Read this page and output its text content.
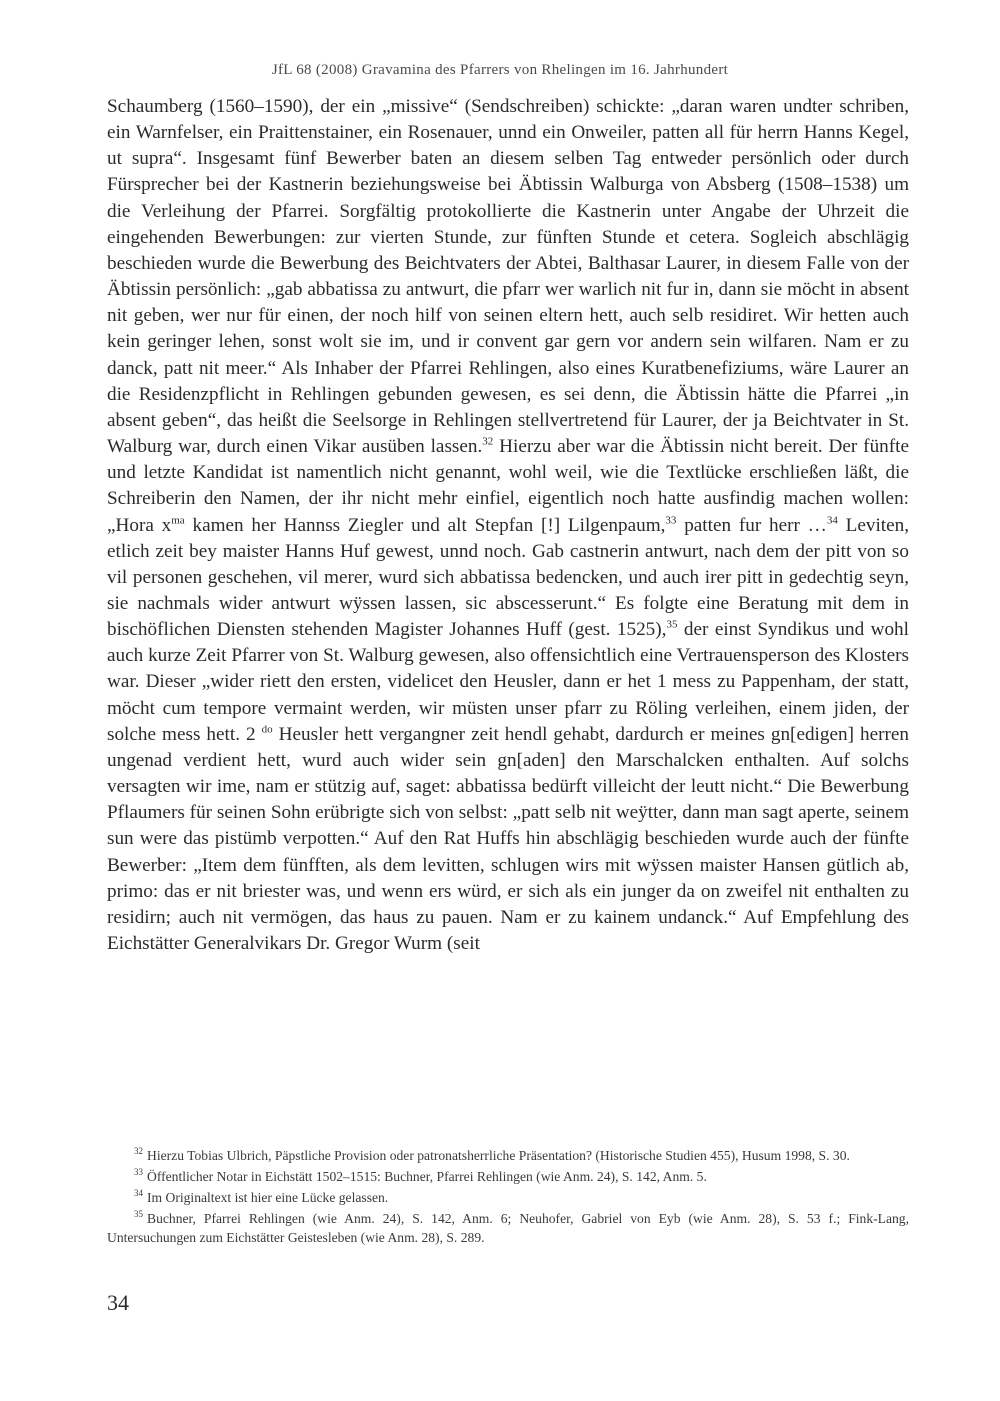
JfL 68 (2008) Gravamina des Pfarrers von Rhelingen im 16. Jahrhundert

Schaumberg (1560–1590), der ein „missive“ (Sendschreiben) schickte: „daran waren undter schriben, ein Warnfelser, ein Praittenstainer, ein Rosenauer, unnd ein Onweiler, patten all für herrn Hanns Kegel, ut supra“. Insgesamt fünf Bewerber baten an diesem selben Tag entweder persönlich oder durch Fürsprecher bei der Kastnerin beziehungsweise bei Äbtissin Walburga von Absberg (1508–1538) um die Verleihung der Pfarrei. Sorgfältig protokollierte die Kastnerin unter Angabe der Uhrzeit die eingehenden Bewerbungen: zur vierten Stunde, zur fünften Stunde et cetera. Sogleich abschlägig beschieden wurde die Bewerbung des Beichtvaters der Abtei, Balthasar Laurer, in diesem Falle von der Äbtissin persönlich: „gab abbatissa zu antwurt, die pfarr wer warlich nit fur in, dann sie möcht in absent nit geben, wer nur für einen, der noch hilf von seinen eltern hett, auch selb residiret. Wir hetten auch kein geringer lehen, sonst wolt sie im, und ir convent gar gern vor andern sein wilfaren. Nam er zu danck, patt nit meer.“ Als Inhaber der Pfarrei Rehlingen, also eines Kuratbenefiziums, wäre Laurer an die Residenzpflicht in Rehlingen gebunden gewesen, es sei denn, die Äbtissin hätte die Pfarrei „in absent geben“, das heißt die Seelsorge in Rehlingen stellvertretend für Laurer, der ja Beichtvater in St. Walburg war, durch einen Vikar ausüben lassen.$^{32}$ Hierzu aber war die Äbtissin nicht bereit. Der fünfte und letzte Kandidat ist namentlich nicht genannt, wohl weil, wie die Textlücke erschließen läßt, die Schreiberin den Namen, der ihr nicht mehr einfiel, eigentlich noch hatte ausfindig machen wollen: „Hora $x^{ma}$ kamen her Hannss Ziegler und alt Stepfan [!] Lilgenpaum,$^{33}$ patten fur herr …$^{34}$ Leviten, etlich zeit bey maister Hanns Huf gewest, unnd noch. Gab castnerin antwurt, nach dem der pitt von so vil personen geschehen, vil merer, wurd sich abbatissa bedencken, und auch irer pitt in gedechtig seyn, sie nachmals wider antwurt wÿssen lassen, sic abscesserunt.“ Es folgte eine Beratung mit dem in bischöflichen Diensten stehenden Magister Johannes Huff (gest. 1525),$^{35}$ der einst Syndikus und wohl auch kurze Zeit Pfarrer von St. Walburg gewesen, also offensichtlich eine Vertrauensperson des Klosters war. Dieser „wider riett den ersten, videlicet den Heusler, dann er het 1 mess zu Pappenham, der statt, möcht cum tempore vermaint werden, wir müsten unser pfarr zu Röling verleihen, einem jiden, der solche mess hett. 2 $^{do}$ Heusler hett vergangner zeit hendl gehabt, dardurch er meines gn[edigen] herren ungenad verdient hett, wurd auch wider sein gn[aden] den Marschalcken enthalten. Auf solchs versagten wir ime, nam er stützig auf, saget: abbatissa bedürft villeicht der leutt nicht.“ Die Bewerbung Pflaumers für seinen Sohn erübrigte sich von selbst: „patt selb nit weÿtter, dann man sagt aperte, seinem sun were das pistümb verpotten.“ Auf den Rat Huffs hin abschlägig beschieden wurde auch der fünfte Bewerber: „Item dem fünfften, als dem levitten, schlugen wirs mit wÿssen maister Hansen gütlich ab, primo: das er nit briester was, und wenn ers würd, er sich als ein junger da on zweifel nit enthalten zu residirn; auch nit vermögen, das haus zu pauen. Nam er zu kainem undanck.“ Auf Empfehlung des Eichstätter Generalvikars Dr. Gregor Wurm (seit

$^{32}$ Hierzu Tobias Ulbrich, Päpstliche Provision oder patronatsherrliche Präsentation? (Historische Studien 455), Husum 1998, S. 30.

$^{33}$ Öffentlicher Notar in Eichstätt 1502–1515: Buchner, Pfarrei Rehlingen (wie Anm. 24), S. 142, Anm. 5.

$^{34}$ Im Originaltext ist hier eine Lücke gelassen.

$^{35}$ Buchner, Pfarrei Rehlingen (wie Anm. 24), S. 142, Anm. 6; Neuhofer, Gabriel von Eyb (wie Anm. 28), S. 53 f.; Fink-Lang, Untersuchungen zum Eichstätter Geistesleben (wie Anm. 28), S. 289.

34
